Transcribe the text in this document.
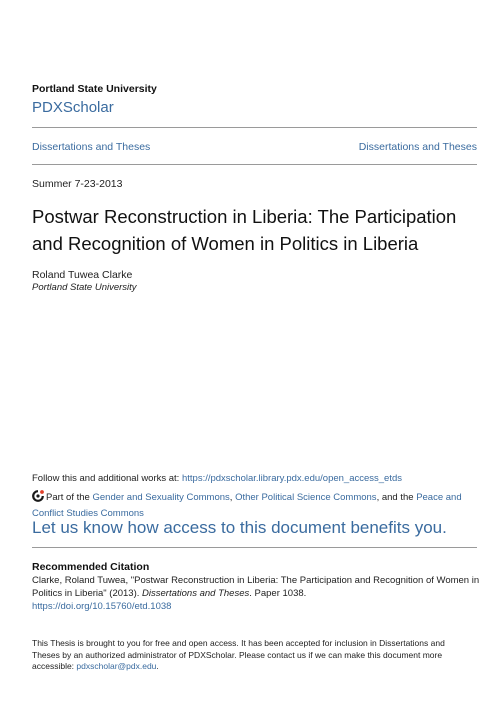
Portland State University
PDXScholar
Dissertations and Theses	Dissertations and Theses
Summer 7-23-2013
Postwar Reconstruction in Liberia: The Participation and Recognition of Women in Politics in Liberia
Roland Tuwea Clarke
Portland State University
Follow this and additional works at: https://pdxscholar.library.pdx.edu/open_access_etds
Part of the Gender and Sexuality Commons, Other Political Science Commons, and the Peace and Conflict Studies Commons
Let us know how access to this document benefits you.
Recommended Citation
Clarke, Roland Tuwea, "Postwar Reconstruction in Liberia: The Participation and Recognition of Women in Politics in Liberia" (2013). Dissertations and Theses. Paper 1038.
https://doi.org/10.15760/etd.1038
This Thesis is brought to you for free and open access. It has been accepted for inclusion in Dissertations and Theses by an authorized administrator of PDXScholar. Please contact us if we can make this document more accessible: pdxscholar@pdx.edu.
